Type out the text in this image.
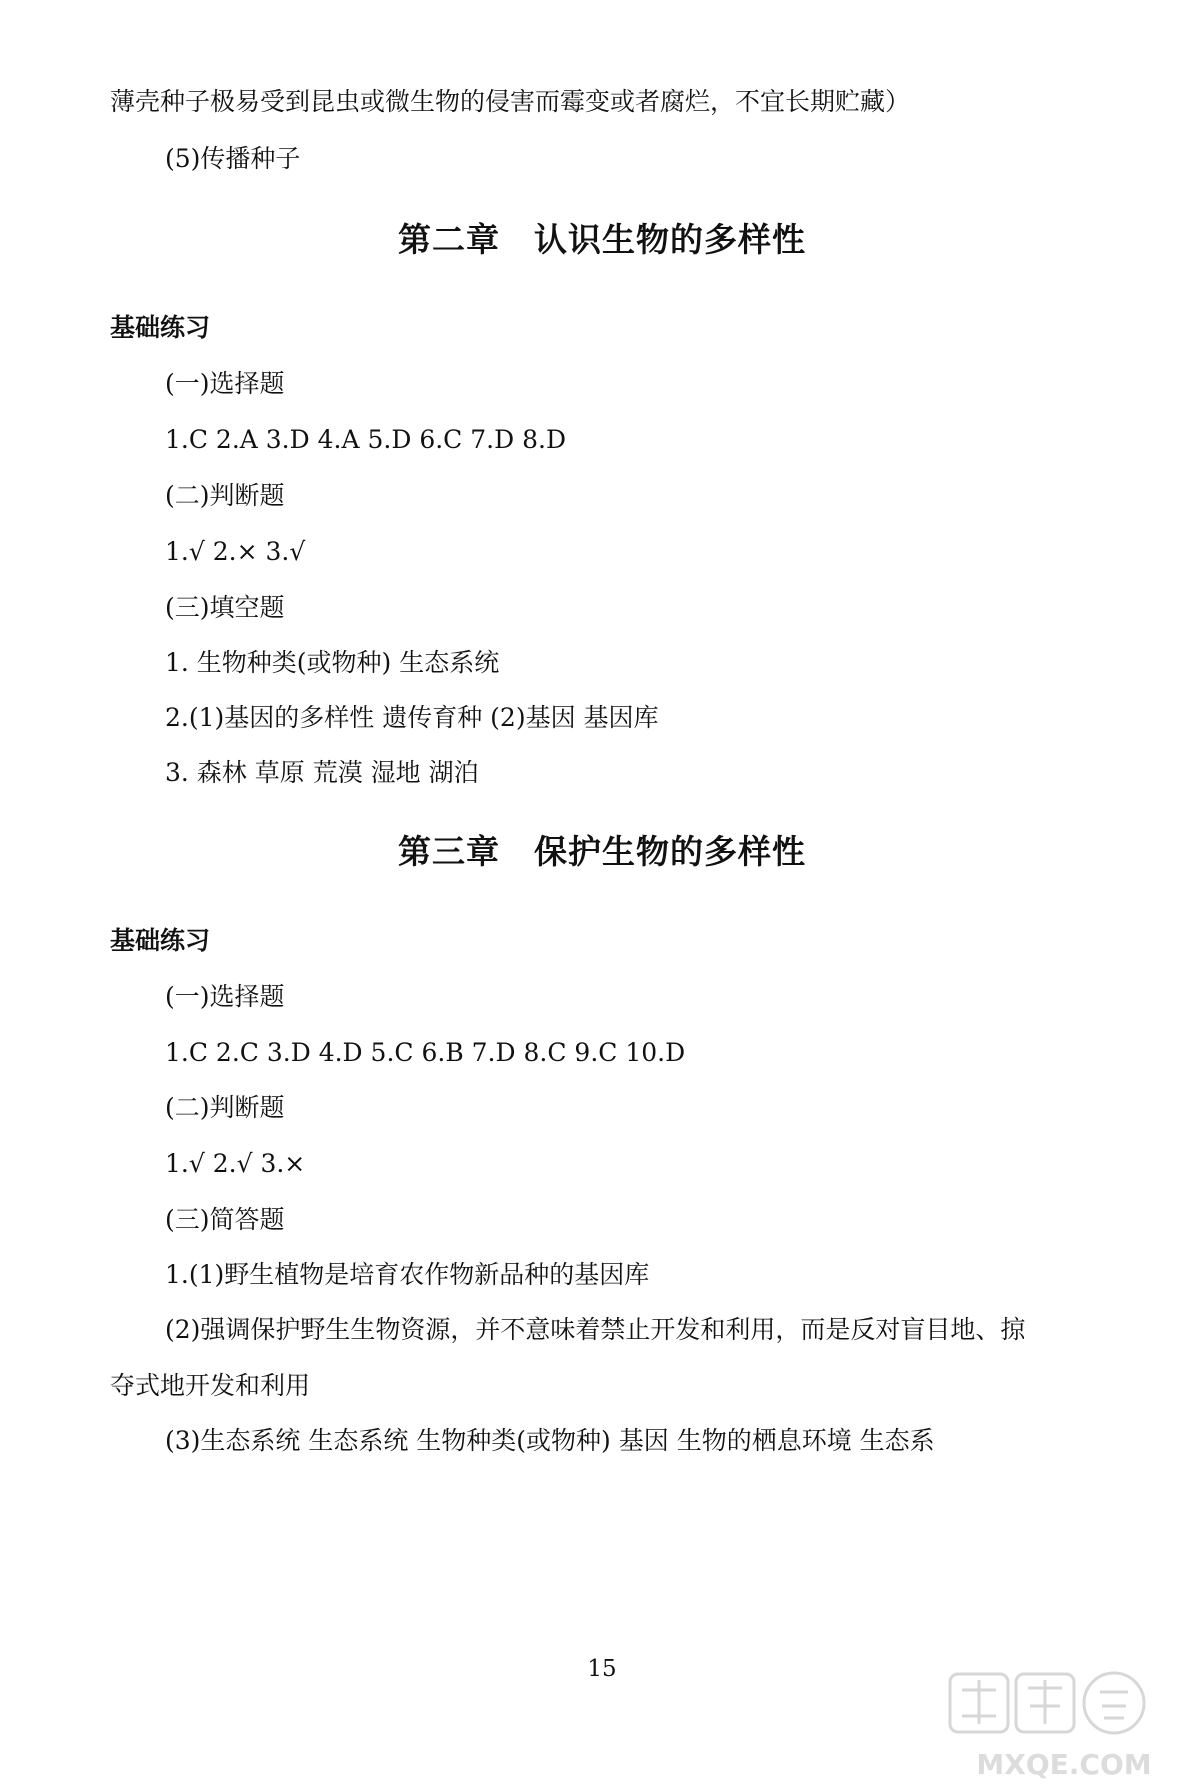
薄壳种子极易受到昆虫或微生物的侵害而霉变或者腐烂，不宜长期贮藏）
(5)传播种子
第二章 认识生物的多样性
基础练习
(一)选择题
1.C 2.A 3.D 4.A 5.D 6.C 7.D 8.D
(二)判断题
1.√ 2.× 3.√
(三)填空题
1. 生物种类(或物种) 生态系统
2.(1)基因的多样性 遗传育种 (2)基因 基因库
3. 森林 草原 荒漠 湿地 湖泊
第三章 保护生物的多样性
基础练习
(一)选择题
1.C 2.C 3.D 4.D 5.C 6.B 7.D 8.C 9.C 10.D
(二)判断题
1.√ 2.√ 3.×
(三)简答题
1.(1)野生植物是培育农作物新品种的基因库
(2)强调保护野生生物资源，并不意味着禁止开发和利用，而是反对盲目地、掠
夺式地开发和利用
(3)生态系统 生态系统 生物种类(或物种) 基因 生物的栖息环境 生态系
15
MXQE.COM
